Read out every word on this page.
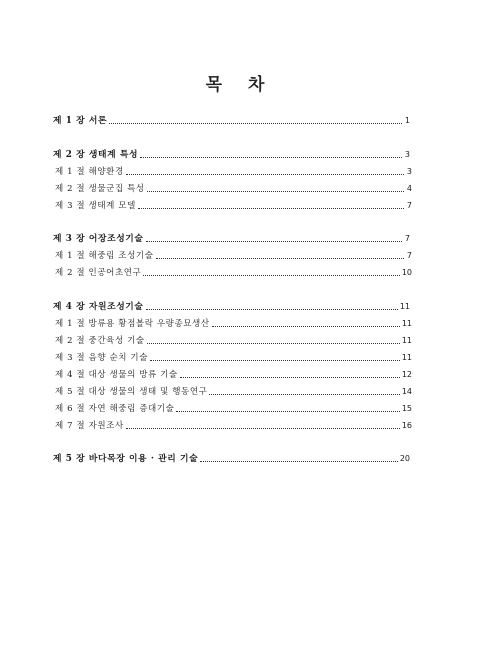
목 차
제 1 장 서론	1
제 2 장 생태계 특성	3
제 1 절 해양환경	3
제 2 절 생물군집 특성	4
제 3 절 생태계 모델	7
제 3 장 어장조성기술	7
제 1 절 해중림 조성기술	7
제 2 절 인공어초연구	10
제 4 장 자원조성기술	11
제 1 절 방류용 황점볼락 우량종묘생산	11
제 2 절 중간육성 기술	11
제 3 절 음향 순치 기술	11
제 4 절 대상 생물의 방류 기술	12
제 5 절 대상 생물의 생태 및 행동연구	14
제 6 절 자연 해중림 증대기술	15
제 7 절 자원조사	16
제 5 장 바다목장 이용 · 관리 기술	20
